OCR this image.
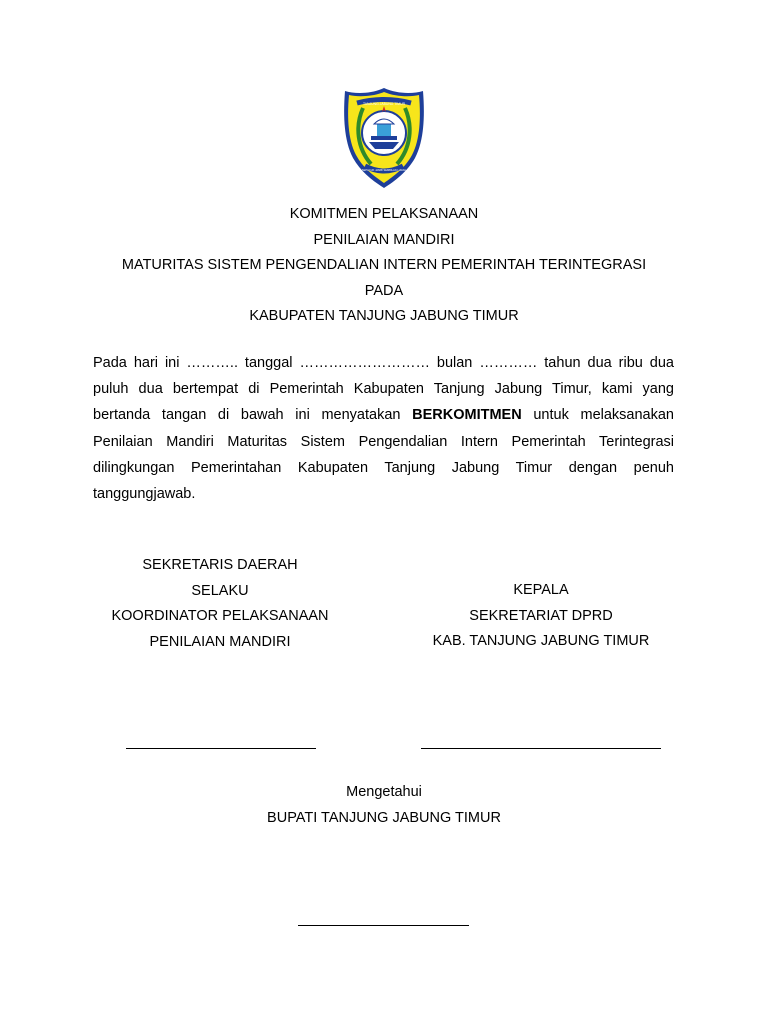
TANJUNG JABUNG TIMUR
SEPUCUK JAMBI SEMBILAN LURAH
KOMITMEN PELAKSANAAN
PENILAIAN MANDIRI
MATURITAS SISTEM PENGENDALIAN INTERN PEMERINTAH TERINTEGRASI
PADA
KABUPATEN TANJUNG JABUNG TIMUR
Pada hari ini ……….. tanggal ……………………… bulan ………… tahun dua ribu dua puluh dua bertempat di Pemerintah Kabupaten Tanjung Jabung Timur, kami yang bertanda tangan di bawah ini menyatakan BERKOMITMEN untuk melaksanakan Penilaian Mandiri Maturitas Sistem Pengendalian Intern Pemerintah Terintegrasi dilingkungan Pemerintahan Kabupaten Tanjung Jabung Timur dengan penuh tanggungjawab.
SEKRETARIS DAERAH
SELAKU
KOORDINATOR PELAKSANAAN
PENILAIAN MANDIRI
KEPALA
SEKRETARIAT DPRD
KAB. TANJUNG JABUNG TIMUR
Mengetahui
BUPATI TANJUNG JABUNG TIMUR
